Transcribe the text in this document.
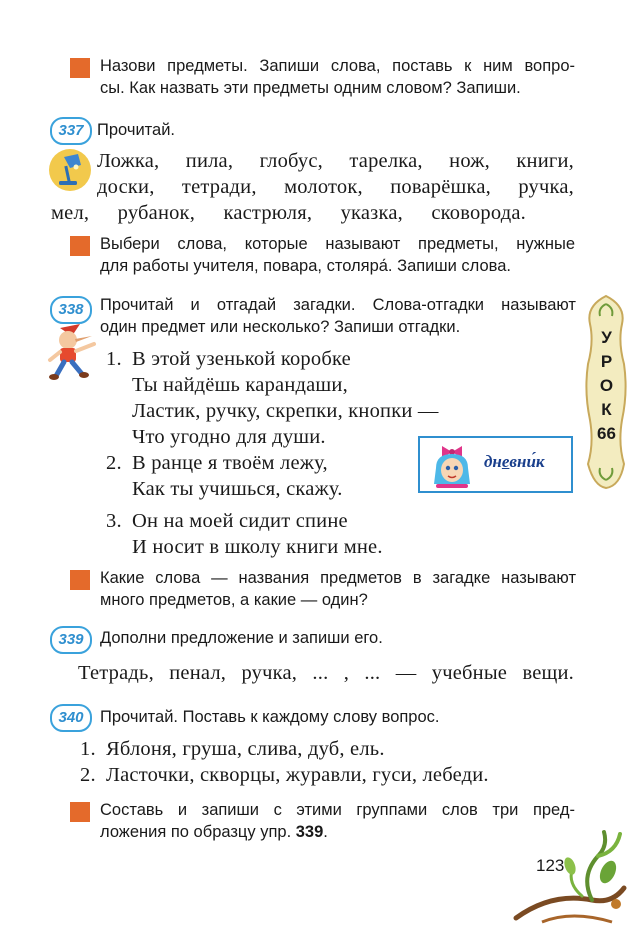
Назови предметы. Запиши слова, поставь к ним вопро-
сы. Как назвать эти предметы одним словом? Запиши.
337 Прочитай.
Ложка, пила, глобус, тарелка, нож, книги,
доски, тетради, молоток, поварёшка, ручка,
мел, рубанок, кастрюля, указка, сковорода.
Выбери слова, которые называют предметы, нужные
для работы учителя, повара, столяра́. Запиши слова.
338 Прочитай и отгадай загадки. Слова-отгадки называют
один предмет или несколько? Запиши отгадки.
1. В этой узенькой коробке
Ты найдёшь карандаши,
Ластик, ручку, скрепки, кнопки —
Что угодно для души.
2. В ранце я твоём лежу,
Как ты учишься, скажу.
3. Он на моей сидит спине
И носит в школу книги мне.
дневни́к
У
Р
О
К
66
Какие слова — названия предметов в загадке называют
много предметов, а какие — один?
339 Дополни предложение и запиши его.
Тетрадь, пенал, ручка, ... , ... — учебные вещи.
340 Прочитай. Поставь к каждому слову вопрос.
1. Яблоня, груша, слива, дуб, ель.
2. Ласточки, скворцы, журавли, гуси, лебеди.
Составь и запиши с этими группами слов три пред-
ложения по образцу упр. 339.
123
